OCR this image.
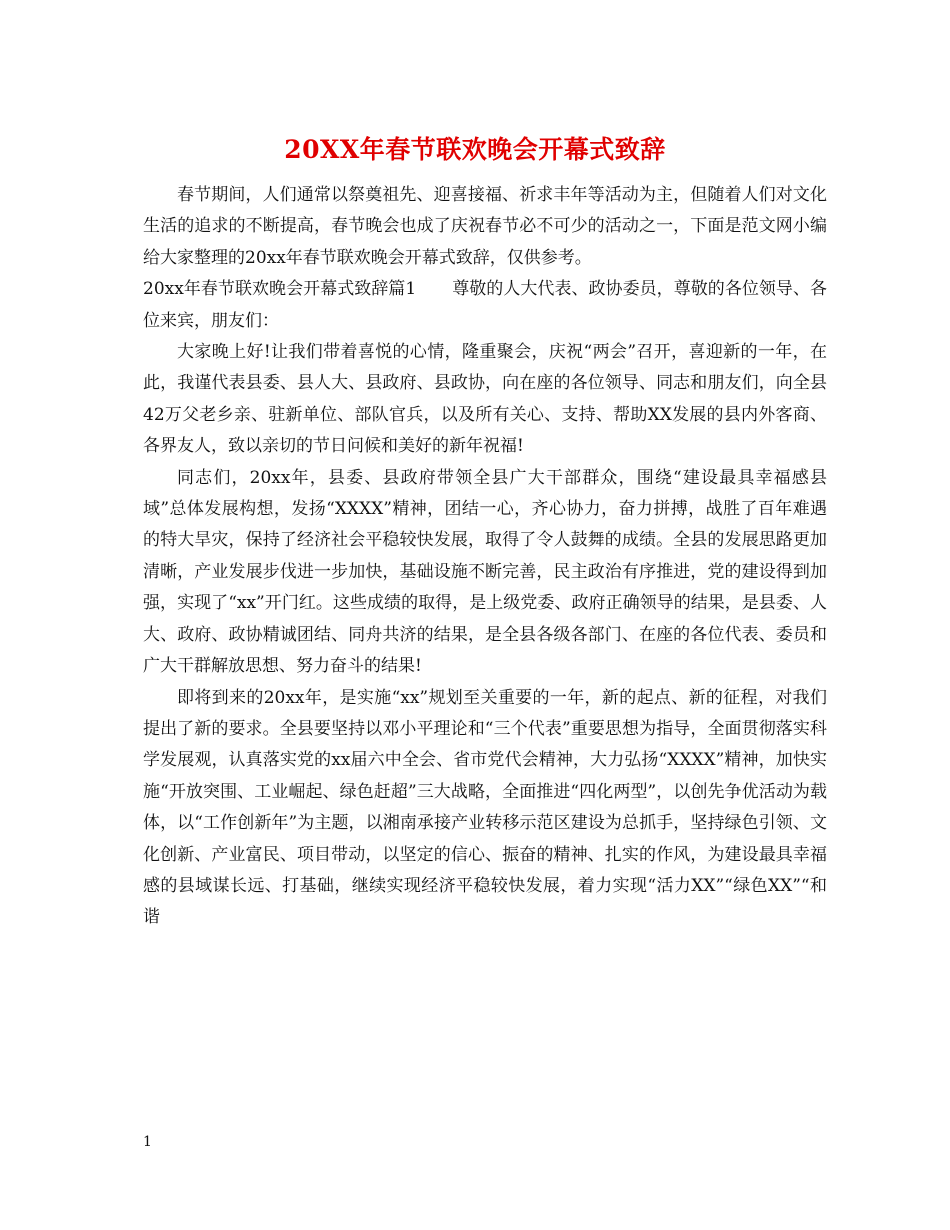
20XX年春节联欢晚会开幕式致辞

春节期间，人们通常以祭奠祖先、迎喜接福、祈求丰年等活动为主，但随着人们对文化生活的追求的不断提高，春节晚会也成了庆祝春节必不可少的活动之一，下面是范文网小编给大家整理的20xx年春节联欢晚会开幕式致辞，仅供参考。

20xx年春节联欢晚会开幕式致辞篇1 尊敬的人大代表、政协委员，尊敬的各位领导、各位来宾，朋友们：

大家晚上好!让我们带着喜悦的心情，隆重聚会，庆祝“两会”召开，喜迎新的一年，在此，我谨代表县委、县人大、县政府、县政协，向在座的各位领导、同志和朋友们，向全县42万父老乡亲、驻新单位、部队官兵，以及所有关心、支持、帮助XX发展的县内外客商、各界友人，致以亲切的节日问候和美好的新年祝福!

同志们，20xx年，县委、县政府带领全县广大干部群众，围绕“建设最具幸福感县域”总体发展构想，发扬“XXXX”精神，团结一心，齐心协力，奋力拼搏，战胜了百年难遇的特大旱灾，保持了经济社会平稳较快发展，取得了令人鼓舞的成绩。全县的发展思路更加清晰，产业发展步伐进一步加快，基础设施不断完善，民主政治有序推进，党的建设得到加强，实现了“xx”开门红。这些成绩的取得，是上级党委、政府正确领导的结果，是县委、人大、政府、政协精诚团结、同舟共济的结果，是全县各级各部门、在座的各位代表、委员和广大干群解放思想、努力奋斗的结果!

即将到来的20xx年，是实施“xx”规划至关重要的一年，新的起点、新的征程，对我们提出了新的要求。全县要坚持以邓小平理论和“三个代表”重要思想为指导，全面贯彻落实科学发展观，认真落实党的xx届六中全会、省市党代会精神，大力弘扬“XXXX”精神，加快实施“开放突围、工业崛起、绿色赶超”三大战略，全面推进“四化两型”，以创先争优活动为载体，以“工作创新年”为主题，以湘南承接产业转移示范区建设为总抓手，坚持绿色引领、文化创新、产业富民、项目带动，以坚定的信心、振奋的精神、扎实的作风，为建设最具幸福感的县域谋长远、打基础，继续实现经济平稳较快发展，着力实现“活力XX”“绿色XX”“和谐

1
